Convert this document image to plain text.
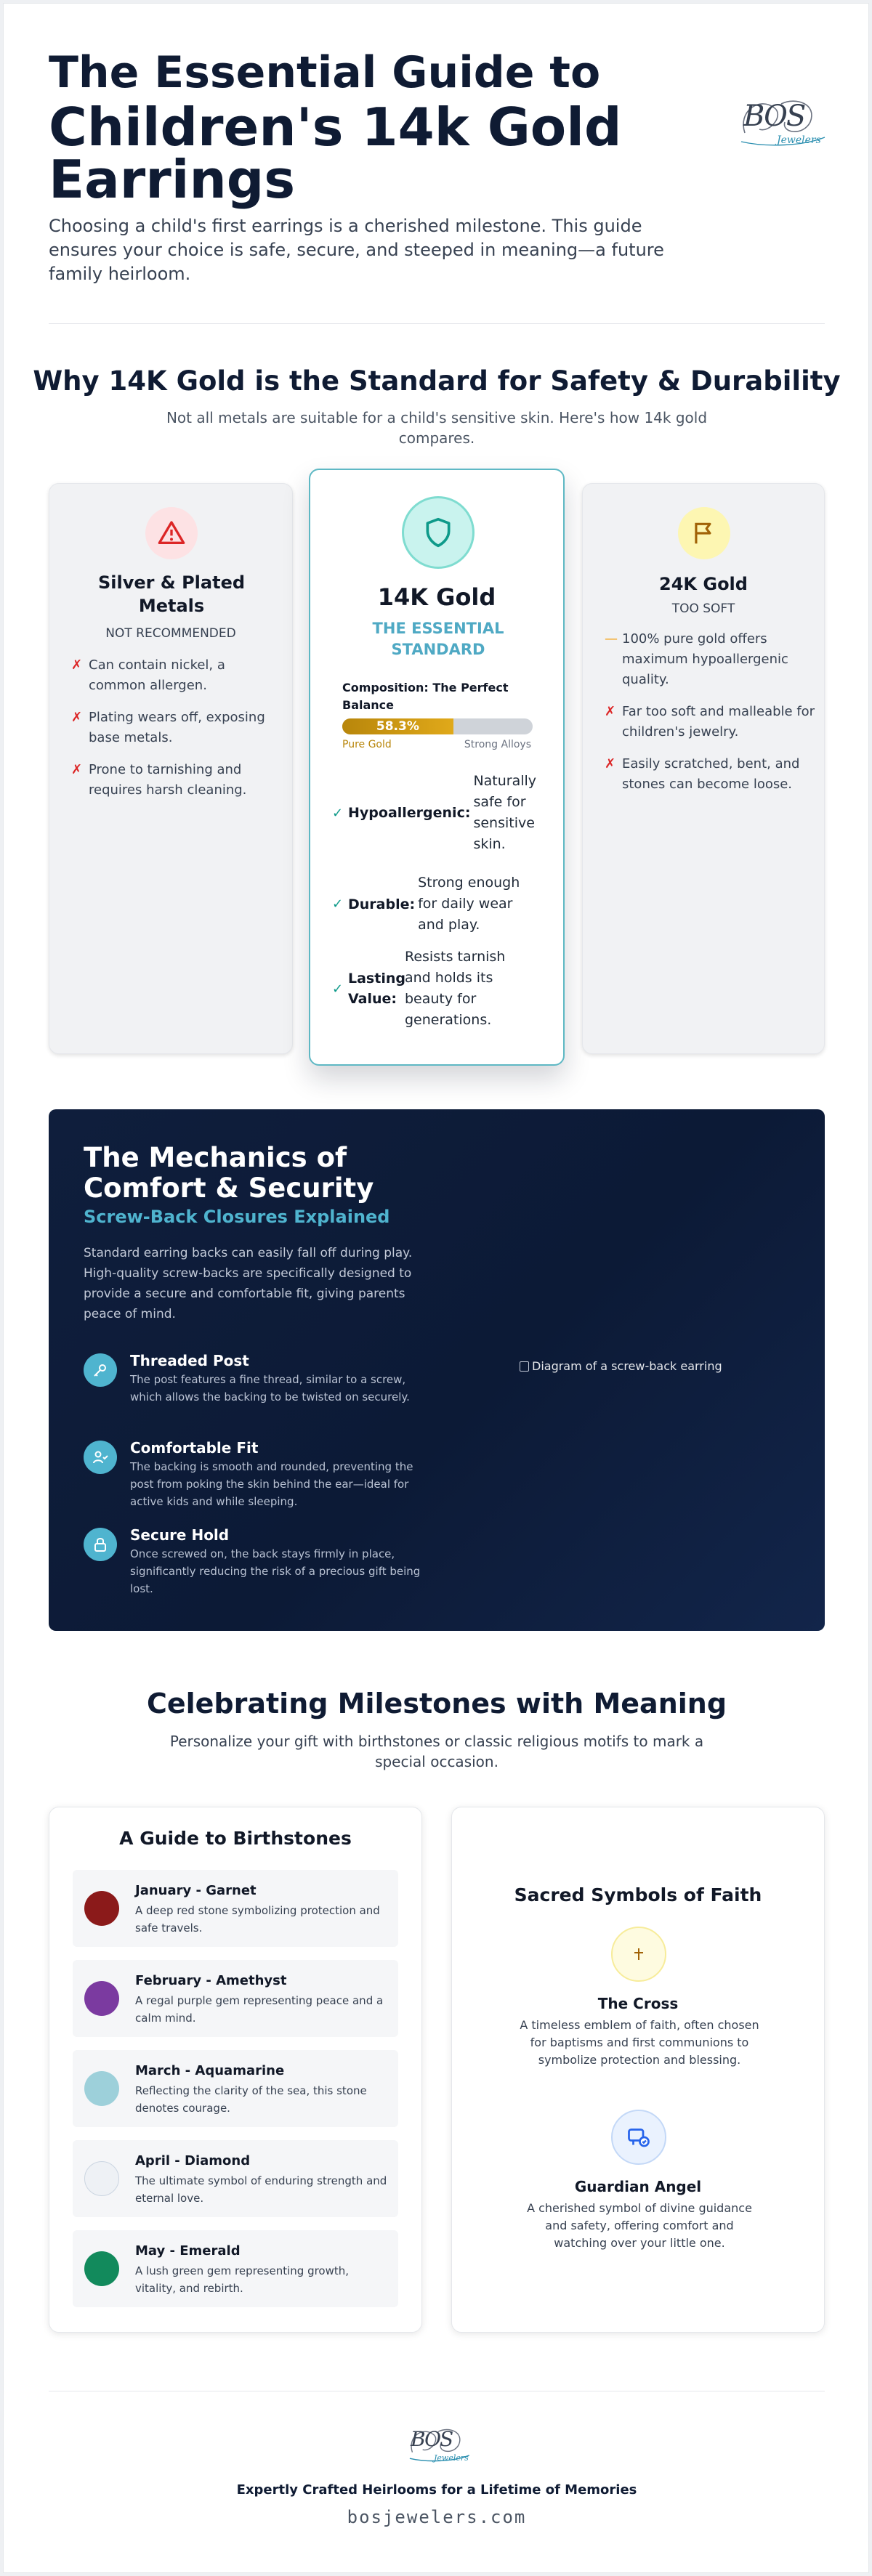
The Essential Guide to
Children's 14k Gold Earrings
BOS
Jewelers

Choosing a child's first earrings is a cherished milestone. This guide ensures your choice is safe, secure, and steeped in meaning—a future family heirloom.

Why 14K Gold is the Standard for Safety & Durability

Not all metals are suitable for a child's sensitive skin. Here's how 14k gold compares.

Silver & Plated Metals
NOT RECOMMENDED
✗ Can contain nickel, a common allergen.
✗ Plating wears off, exposing base metals.
✗ Prone to tarnishing and requires harsh cleaning.
14K Gold
THE ESSENTIAL STANDARD
Composition: The Perfect Balance
58.3%
Pure Gold	Strong Alloys
✓ Hypoallergenic:
Naturally safe for sensitive skin.
✓ Durable:
Strong enough for daily wear and play.
✓
Lasting Value:
Resists tarnish and holds its beauty for generations.
24K Gold
TOO SOFT
— 100% pure gold offers maximum hypoallergenic quality.
✗ Far too soft and malleable for children's jewelry.
✗ Easily scratched, bent, and stones can become loose.
The Mechanics of Comfort & Security
Screw-Back Closures Explained

Standard earring backs can easily fall off during play. High-quality screw-backs are specifically designed to provide a secure and comfortable fit, giving parents peace of mind.

Threaded Post
The post features a fine thread, similar to a screw, which allows the backing to be twisted on securely.
Comfortable Fit
The backing is smooth and rounded, preventing the post from poking the skin behind the ear—ideal for active kids and while sleeping.
Secure Hold
Once screwed on, the back stays firmly in place, significantly reducing the risk of a precious gift being lost.
Diagram of a screw-back earring
Celebrating Milestones with Meaning

Personalize your gift with birthstones or classic religious motifs to mark a special occasion.

A Guide to Birthstones
January - Garnet
A deep red stone symbolizing protection and safe travels.
February - Amethyst
A regal purple gem representing peace and a calm mind.
March - Aquamarine
Reflecting the clarity of the sea, this stone denotes courage.
April - Diamond
The ultimate symbol of enduring strength and eternal love.
May - Emerald
A lush green gem representing growth, vitality, and rebirth.
Sacred Symbols of Faith
The Cross
A timeless emblem of faith, often chosen for baptisms and first communions to symbolize protection and blessing.
Guardian Angel
A cherished symbol of divine guidance and safety, offering comfort and watching over your little one.
BOS
Jewelers
Expertly Crafted Heirlooms for a Lifetime of Memories
bosjewelers.com
